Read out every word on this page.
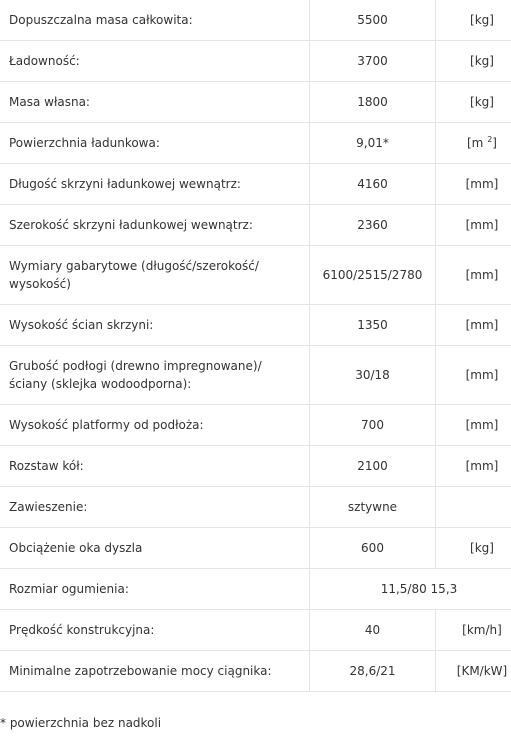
Dopuszczalna masa całkowita:	5500	[kg]
Ładowność:	3700	[kg]
Masa własna:	1800	[kg]
Powierzchnia ładunkowa:	9,01*	[m $^2$]
Długość skrzyni ładunkowej wewnątrz:	4160	[mm]
Szerokość skrzyni ładunkowej wewnątrz:	2360	[mm]
Wymiary gabarytowe (długość/szerokość/ wysokość)	6100/2515/2780	[mm]
Wysokość ścian skrzyni:	1350	[mm]
Grubość podłogi (drewno impregnowane)/ ściany (sklejka wodoodporna):	30/18	[mm]
Wysokość platformy od podłoża:	700	[mm]
Rozstaw kół:	2100	[mm]
Zawieszenie:	sztywne	
Obciążenie oka dyszla	600	[kg]
Rozmiar ogumienia:	11,5/80 15,3	
Prędkość konstrukcyjna:	40	[km/h]
Minimalne zapotrzebowanie mocy ciągnika:	28,6/21	[KM/kW]
* powierzchnia bez nadkoli
